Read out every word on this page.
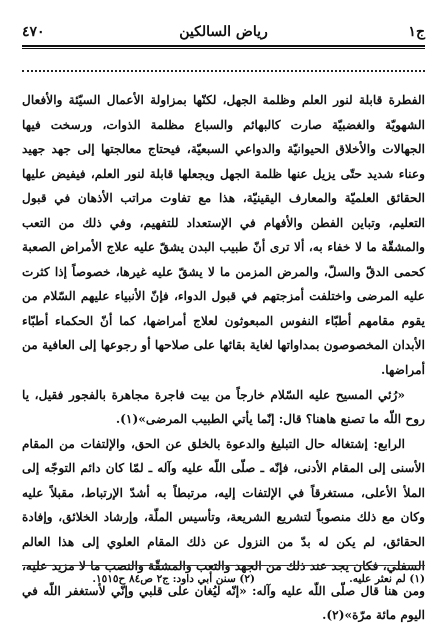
٤٧٠	رياض السالكين	ج١

الفطرة قابلة لنور العلم وظلمة الجهل، لكنّها بمزاولة الأعمال السيّئة والأفعال الشهويّة والغضبيّة صارت كالبهائم والسباع مظلمة الذوات، ورسخت فيها الجهالات والأخلاق الحيوانيّة والدواعي السبعيّة، فيحتاج معالجتها إلى جهد جهيد وعناء شديد حتّى يزيل عنها ظلمة الجهل ويجعلها قابلة لنور العلم، فيفيض عليها الحقائق العلميّة والمعارف اليقينيّة، هذا مع تفاوت مراتب الأذهان في قبول التعليم، وتباين الفطن والأفهام في الإستعداد للتفهيم، وفي ذلك من التعب والمشقّة ما لا خفاء به، ألا ترى أنّ طبيب البدن يشقّ عليه علاج الأمراض الصعبة كحمى الدقّ والسلّ، والمرض المزمن ما لا يشقّ عليه غيرها، خصوصاً إذا كثرت عليه المرضى واختلفت أمزجتهم في قبول الدواء، فإنّ الأنبياء عليهم السّلام من يقوم مقامهم أطبّاء النفوس المبعوثون لعلاج أمراضها، كما أنّ الحكماء أطبّاء الأبدان المخصوصون بمداواتها لغاية بقائها على صلاحها أو رجوعها إلى العافية من أمراضها.

«رُئي المسيح عليه السّلام خارجاً من بيت فاجرة مجاهرة بالفجور فقيل، يا روح اللّه ما تصنع هاهنا؟ قال: إنّما يأتي الطبيب المرضى»(١).

الرابع: إشتغاله حال التبليغ والدعوة بالخلق عن الحق، والإلتفات من المقام الأسنى إلى المقام الأدنى، فإنّه ـ صلّى اللّه عليه وآله ـ لمّا كان دائم التوجّه إلى الملأ الأعلى، مستغرقاً في الإلتفات إليه، مرتبطاً به أشدّ الإرتباط، مقبلاً عليه وكان مع ذلك منصوباً لتشريع الشريعة، وتأسيس الملّة، وإرشاد الخلائق، وإفادة الحقائق، لم يكن له بدّ من النزول عن ذلك المقام العلوي إلى هذا العالم السفلي، فكان يجد عند ذلك من الجهد والتعب والمشقّة والنصب ما لا مزيد عليه، ومن هنا قال صلّى اللّه عليه وآله: «إنّه ليُغان على قلبي وإنّي لأستغفر اللّه في اليوم مائة مرّة»(٢).

(١) لم نعثر عليه.
(٢) سنن أبي داود: ج٢ ص٨٤ ح١٥١٥.
